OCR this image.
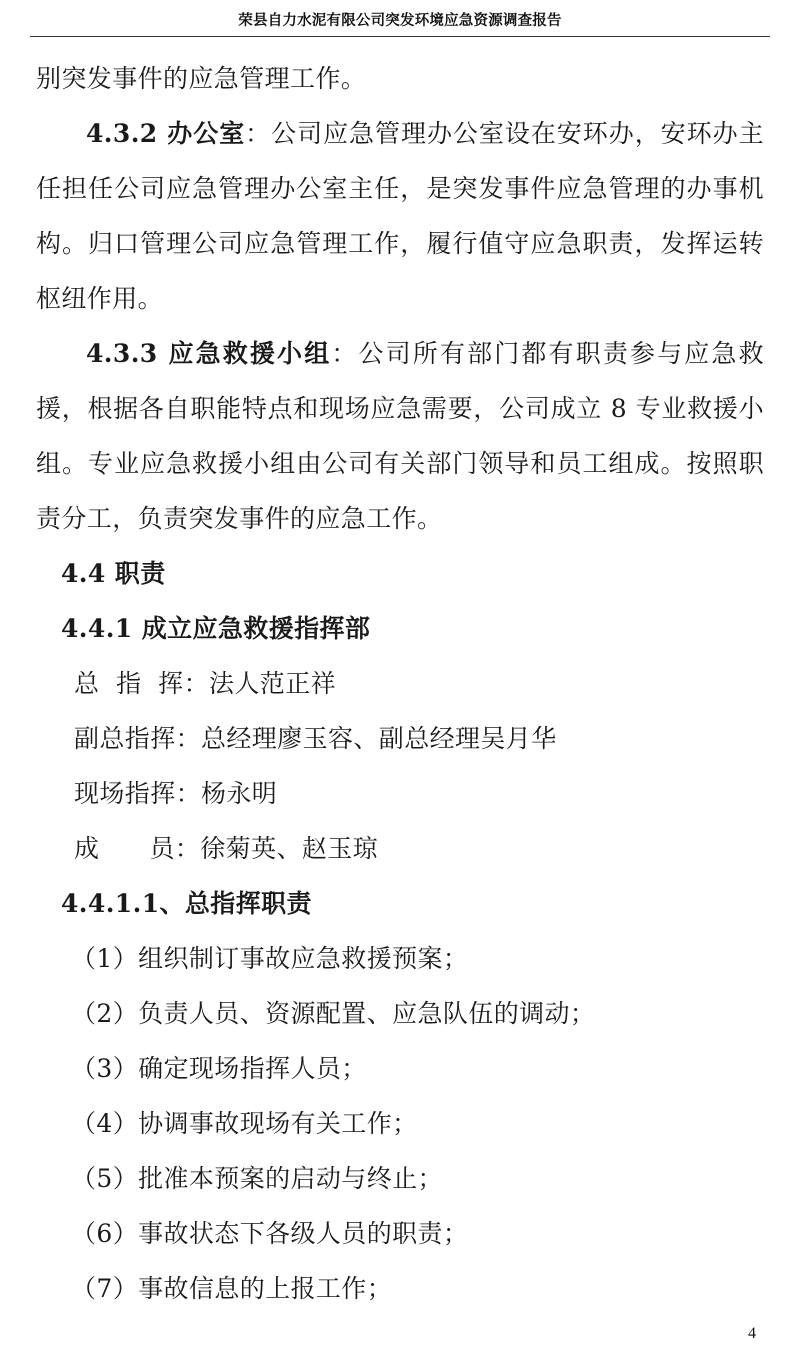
荣县自力水泥有限公司突发环境应急资源调查报告

别突发事件的应急管理工作。

4.3.2 办公室：公司应急管理办公室设在安环办，安环办主任担任公司应急管理办公室主任，是突发事件应急管理的办事机构。归口管理公司应急管理工作，履行值守应急职责，发挥运转枢纽作用。

4.3.3 应急救援小组：公司所有部门都有职责参与应急救援，根据各自职能特点和现场应急需要，公司成立 8 专业救援小组。专业应急救援小组由公司有关部门领导和员工组成。按照职责分工，负责突发事件的应急工作。

4.4 职责

4.4.1 成立应急救援指挥部

总  指  挥：法人范正祥

副总指挥：总经理廖玉容、副总经理吴月华

现场指挥：杨永明

成      员：徐菊英、赵玉琼

4.4.1.1、总指挥职责

（1）组织制订事故应急救援预案；

（2）负责人员、资源配置、应急队伍的调动；

（3）确定现场指挥人员；

（4）协调事故现场有关工作；

（5）批准本预案的启动与终止；

（6）事故状态下各级人员的职责；

（7）事故信息的上报工作；

4
